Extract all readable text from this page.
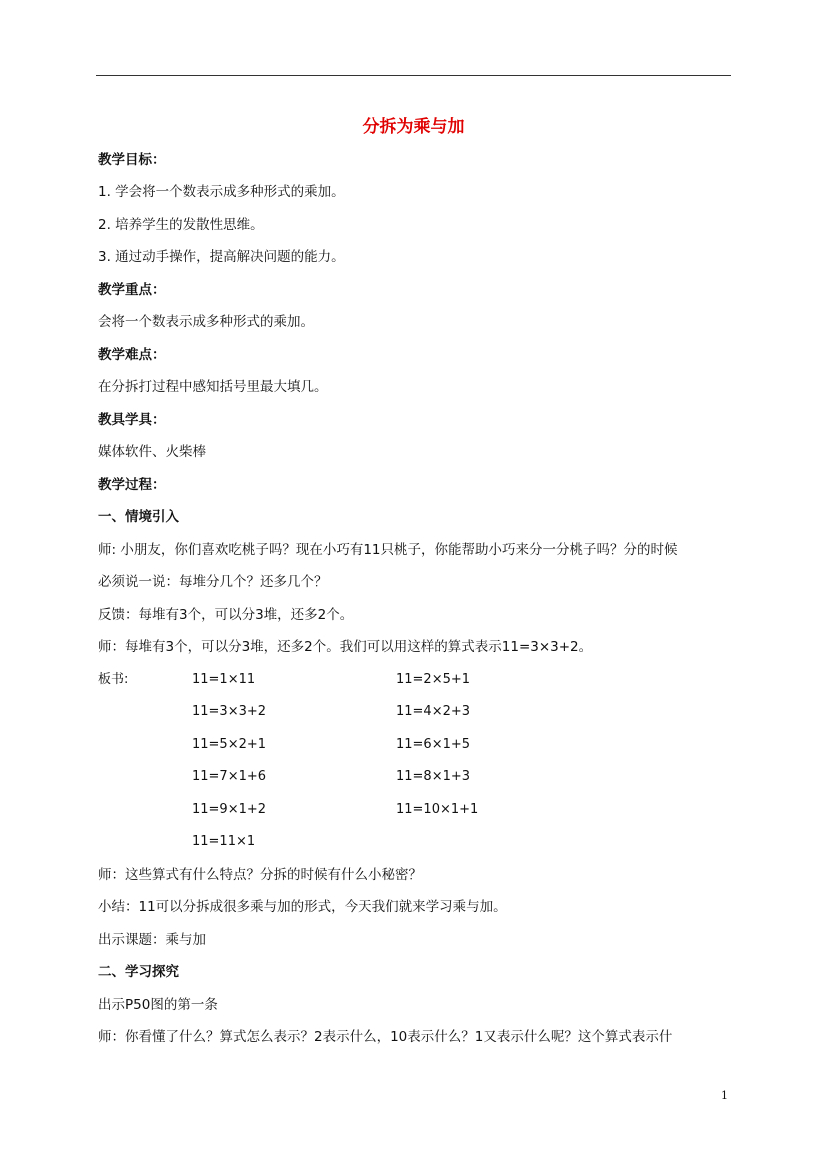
分拆为乘与加
教学目标：
1. 学会将一个数表示成多种形式的乘加。
2. 培养学生的发散性思维。
3. 通过动手操作，提高解决问题的能力。
教学重点：
会将一个数表示成多种形式的乘加。
教学难点：
在分拆打过程中感知括号里最大填几。
教具学具：
媒体软件、火柴棒
教学过程：
一、情境引入
师: 小朋友，你们喜欢吃桃子吗？现在小巧有11只桃子，你能帮助小巧来分一分桃子吗？分的时候
必须说一说：每堆分几个？还多几个？
反馈：每堆有3个，可以分3堆，还多2个。
师：每堆有3个，可以分3堆，还多2个。我们可以用这样的算式表示11=3×3+2。
板书:	11=1×11
11=3×3+2
11=5×2+1
11=7×1+6
11=9×1+2
11=11×1
11=2×5+1
11=4×2+3
11=6×1+5
11=8×1+3
11=10×1+1
师：这些算式有什么特点？分拆的时候有什么小秘密？
小结：11可以分拆成很多乘与加的形式，今天我们就来学习乘与加。
出示课题：乘与加
二、学习探究
出示P50图的第一条
师：你看懂了什么？算式怎么表示？2表示什么，10表示什么？1又表示什么呢？这个算式表示什
1
